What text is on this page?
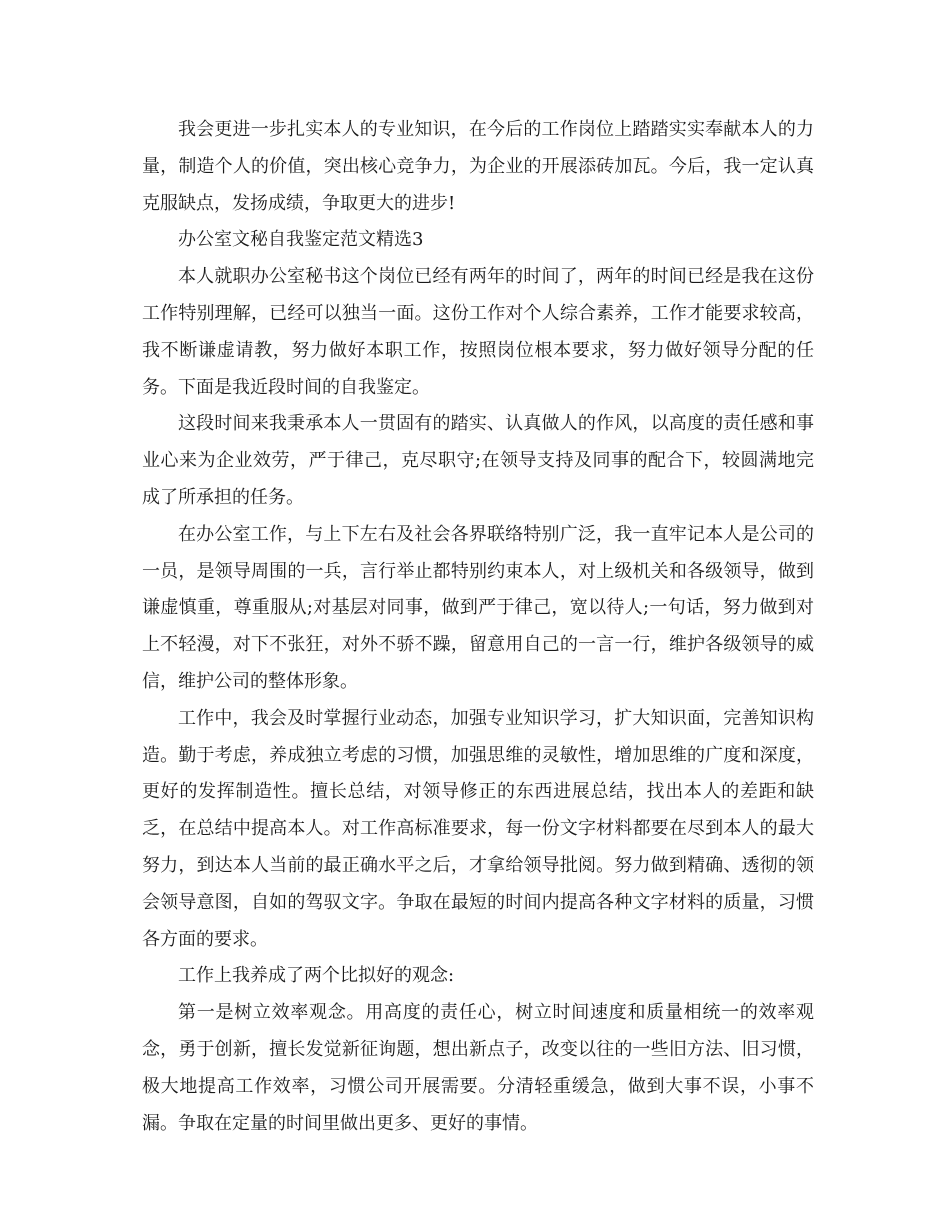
我会更进一步扎实本人的专业知识，在今后的工作岗位上踏踏实实奉献本人的力量，制造个人的价值，突出核心竞争力，为企业的开展添砖加瓦。今后，我一定认真克服缺点，发扬成绩，争取更大的进步!

办公室文秘自我鉴定范文精选3

本人就职办公室秘书这个岗位已经有两年的时间了，两年的时间已经是我在这份工作特别理解，已经可以独当一面。这份工作对个人综合素养，工作才能要求较高，我不断谦虚请教，努力做好本职工作，按照岗位根本要求，努力做好领导分配的任务。下面是我近段时间的自我鉴定。

这段时间来我秉承本人一贯固有的踏实、认真做人的作风，以高度的责任感和事业心来为企业效劳，严于律己，克尽职守;在领导支持及同事的配合下，较圆满地完成了所承担的任务。

在办公室工作，与上下左右及社会各界联络特别广泛，我一直牢记本人是公司的一员，是领导周围的一兵，言行举止都特别约束本人，对上级机关和各级领导，做到谦虚慎重，尊重服从;对基层对同事，做到严于律己，宽以待人;一句话，努力做到对上不轻漫，对下不张狂，对外不骄不躁，留意用自己的一言一行，维护各级领导的威信，维护公司的整体形象。

工作中，我会及时掌握行业动态，加强专业知识学习，扩大知识面，完善知识构造。勤于考虑，养成独立考虑的习惯，加强思维的灵敏性，增加思维的广度和深度，更好的发挥制造性。擅长总结，对领导修正的东西进展总结，找出本人的差距和缺乏，在总结中提高本人。对工作高标准要求，每一份文字材料都要在尽到本人的最大努力，到达本人当前的最正确水平之后，才拿给领导批阅。努力做到精确、透彻的领会领导意图，自如的驾驭文字。争取在最短的时间内提高各种文字材料的质量，习惯各方面的要求。

工作上我养成了两个比拟好的观念:

第一是树立效率观念。用高度的责任心，树立时间速度和质量相统一的效率观念，勇于创新，擅长发觉新征询题，想出新点子，改变以往的一些旧方法、旧习惯，极大地提高工作效率，习惯公司开展需要。分清轻重缓急，做到大事不误，小事不漏。争取在定量的时间里做出更多、更好的事情。
